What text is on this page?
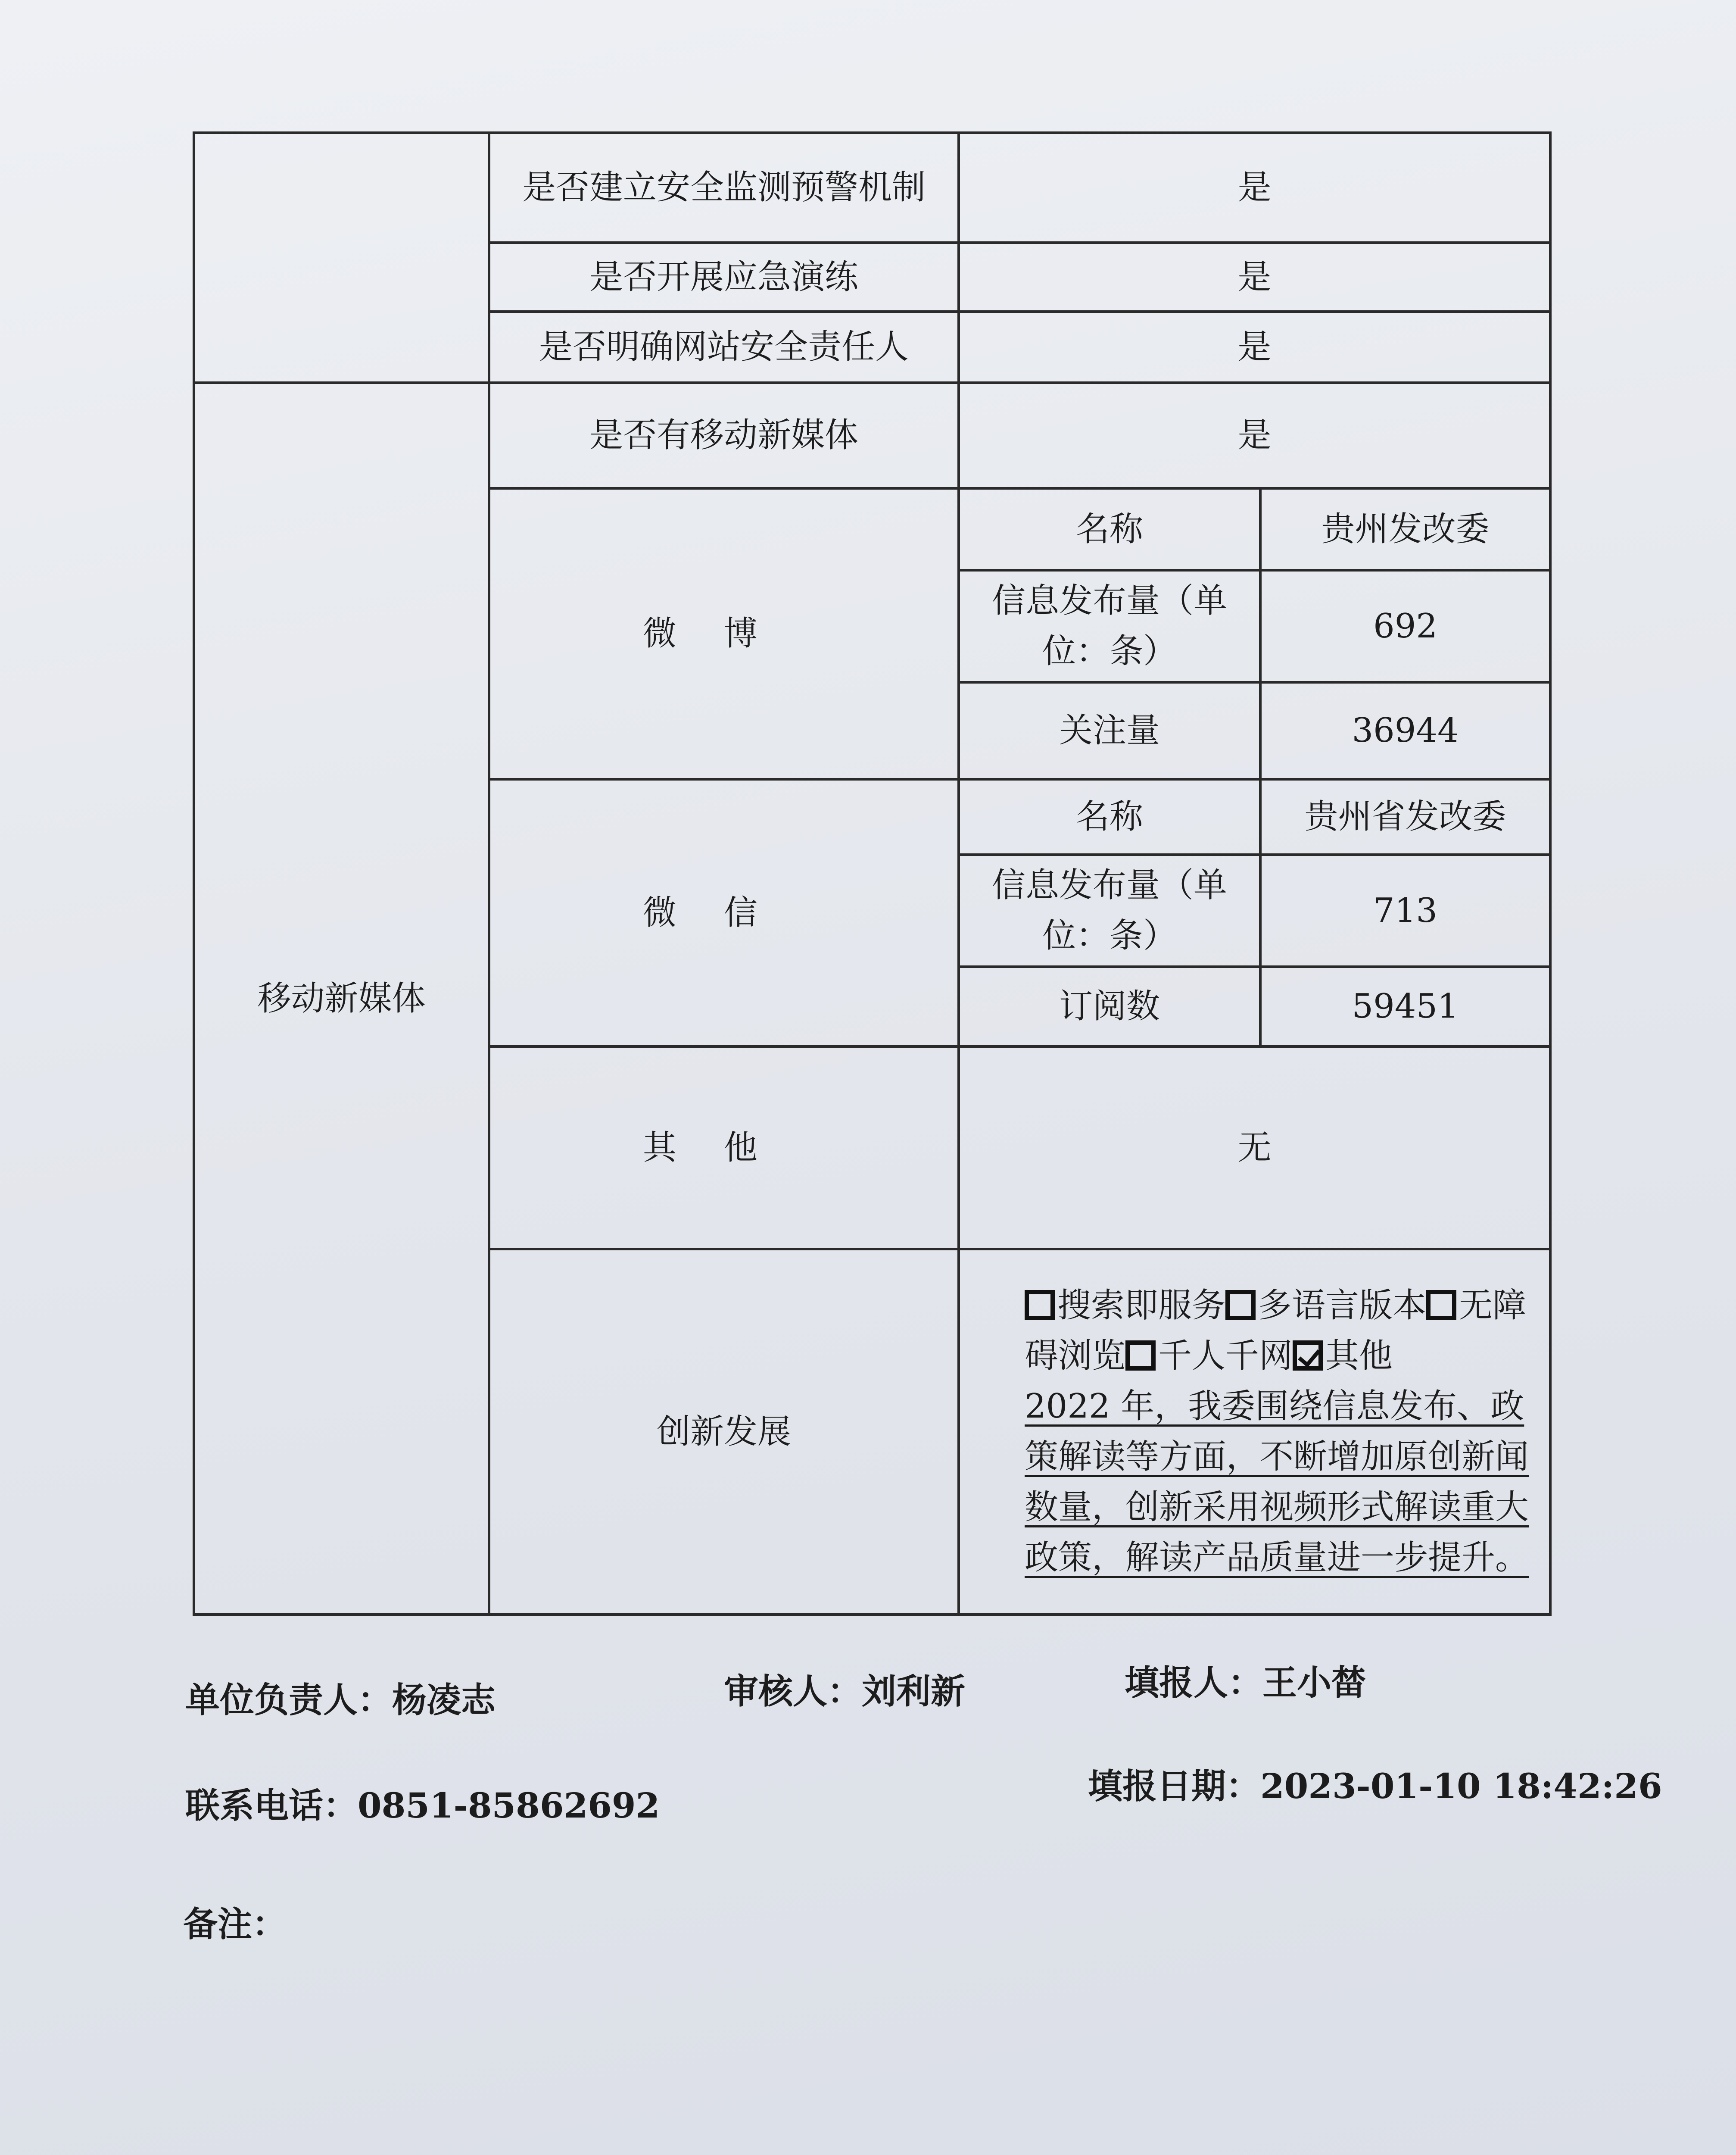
	是否建立安全监测预警机制	是	
	是否开展应急演练	是	
	是否明确网站安全责任人	是	
移动新媒体	是否有移动新媒体	是	
	微博	名称	贵州发改委
		信息发布量（单位：条）	692
		关注量	36944
	微信	名称	贵州省发改委
		信息发布量（单位：条）	713
		订阅数	59451
	其他	无	
	创新发展	搜索即服务 多语言版本 无障碍浏览 千人千网 其他
2022 年，我委围绕信息发布、政策解读等方面，不断增加原创新闻数量，创新采用视频形式解读重大政策，解读产品质量进一步提升。	
单位负责人：杨凌志	审核人：刘利新	填报人：王小榃
联系电话：0851-85862692	填报日期：2023-01-10 18:42:26
备注：
